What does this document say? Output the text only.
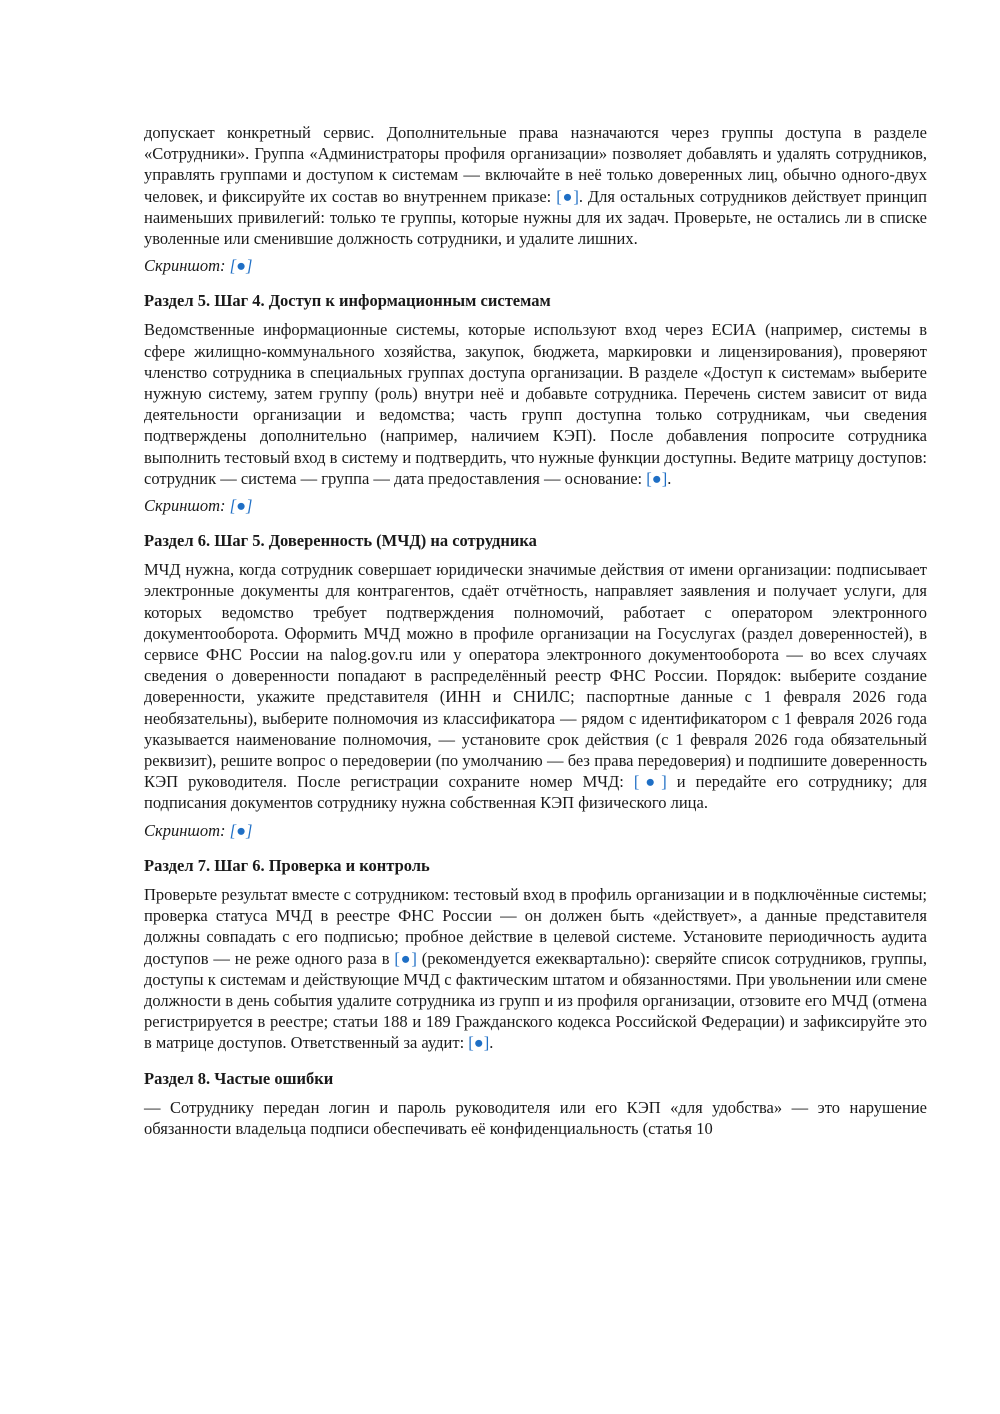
допускает конкретный сервис. Дополнительные права назначаются через группы доступа в разделе «Сотрудники». Группа «Администраторы профиля организации» позволяет добавлять и удалять сотрудников, управлять группами и доступом к системам — включайте в неё только доверенных лиц, обычно одного-двух человек, и фиксируйте их состав во внутреннем приказе: [●]. Для остальных сотрудников действует принцип наименьших привилегий: только те группы, которые нужны для их задач. Проверьте, не остались ли в списке уволенные или сменившие должность сотрудники, и удалите лишних.

Скриншот: [●]

Раздел 5. Шаг 4. Доступ к информационным системам

Ведомственные информационные системы, которые используют вход через ЕСИА (например, системы в сфере жилищно-коммунального хозяйства, закупок, бюджета, маркировки и лицензирования), проверяют членство сотрудника в специальных группах доступа организации. В разделе «Доступ к системам» выберите нужную систему, затем группу (роль) внутри неё и добавьте сотрудника. Перечень систем зависит от вида деятельности организации и ведомства; часть групп доступна только сотрудникам, чьи сведения подтверждены дополнительно (например, наличием КЭП). После добавления попросите сотрудника выполнить тестовый вход в систему и подтвердить, что нужные функции доступны. Ведите матрицу доступов: сотрудник — система — группа — дата предоставления — основание: [●].

Скриншот: [●]

Раздел 6. Шаг 5. Доверенность (МЧД) на сотрудника

МЧД нужна, когда сотрудник совершает юридически значимые действия от имени организации: подписывает электронные документы для контрагентов, сдаёт отчётность, направляет заявления и получает услуги, для которых ведомство требует подтверждения полномочий, работает с оператором электронного документооборота. Оформить МЧД можно в профиле организации на Госуслугах (раздел доверенностей), в сервисе ФНС России на nalog.gov.ru или у оператора электронного документооборота — во всех случаях сведения о доверенности попадают в распределённый реестр ФНС России. Порядок: выберите создание доверенности, укажите представителя (ИНН и СНИЛС; паспортные данные с 1 февраля 2026 года необязательны), выберите полномочия из классификатора — рядом с идентификатором с 1 февраля 2026 года указывается наименование полномочия, — установите срок действия (с 1 февраля 2026 года обязательный реквизит), решите вопрос о передоверии (по умолчанию — без права передоверия) и подпишите доверенность КЭП руководителя. После регистрации сохраните номер МЧД: [●] и передайте его сотруднику; для подписания документов сотруднику нужна собственная КЭП физического лица.

Скриншот: [●]

Раздел 7. Шаг 6. Проверка и контроль

Проверьте результат вместе с сотрудником: тестовый вход в профиль организации и в подключённые системы; проверка статуса МЧД в реестре ФНС России — он должен быть «действует», а данные представителя должны совпадать с его подписью; пробное действие в целевой системе. Установите периодичность аудита доступов — не реже одного раза в [●] (рекомендуется ежеквартально): сверяйте список сотрудников, группы, доступы к системам и действующие МЧД с фактическим штатом и обязанностями. При увольнении или смене должности в день события удалите сотрудника из групп и из профиля организации, отзовите его МЧД (отмена регистрируется в реестре; статьи 188 и 189 Гражданского кодекса Российской Федерации) и зафиксируйте это в матрице доступов. Ответственный за аудит: [●].

Раздел 8. Частые ошибки

— Сотруднику передан логин и пароль руководителя или его КЭП «для удобства» — это нарушение обязанности владельца подписи обеспечивать её конфиденциальность (статья 10
